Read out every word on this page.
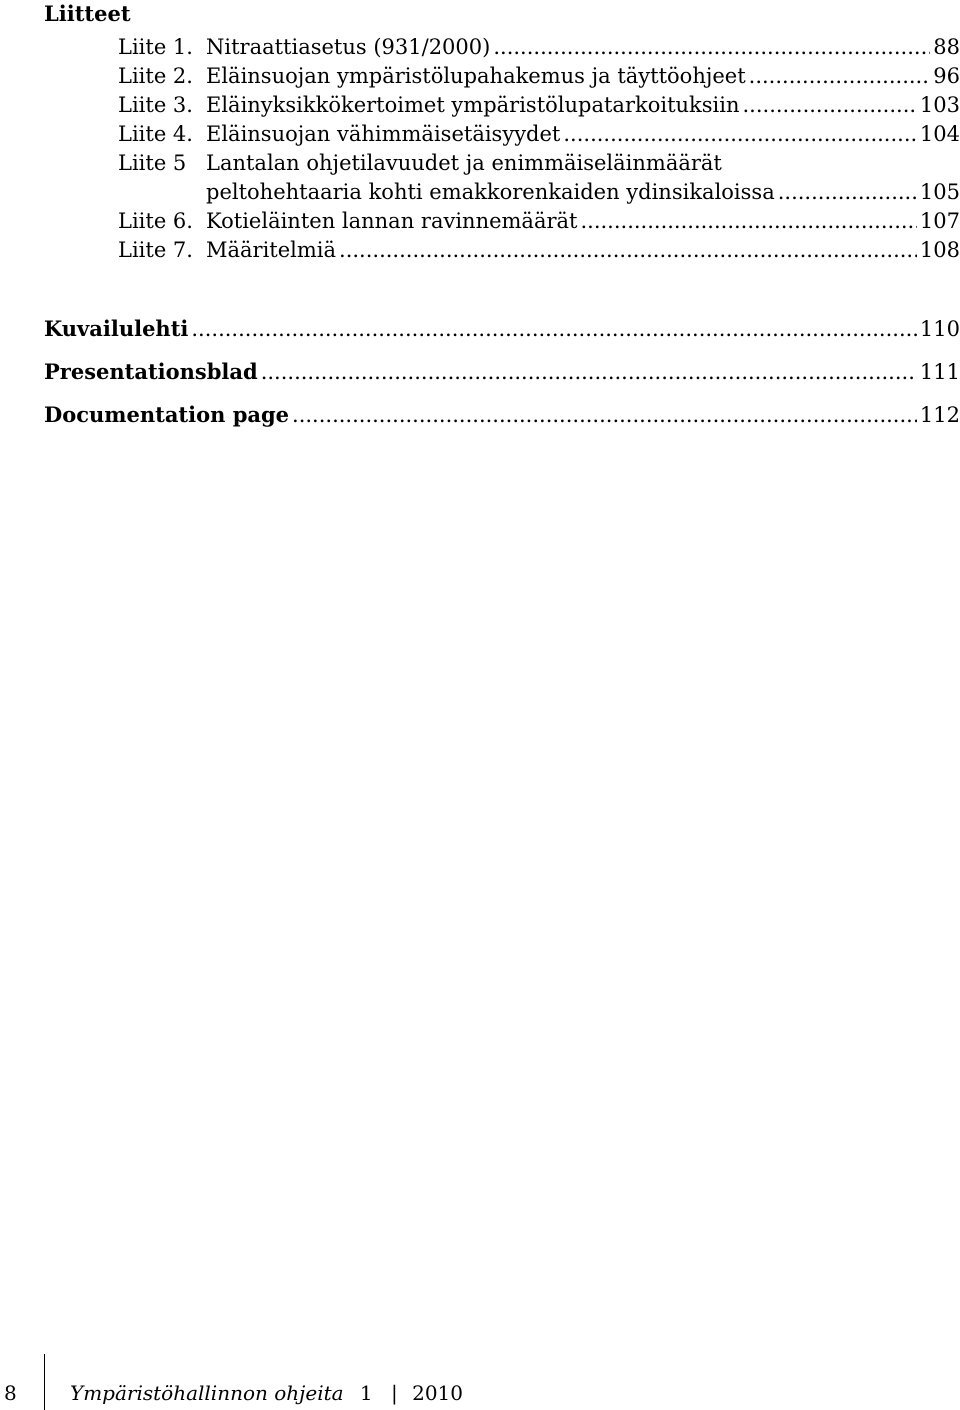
Liitteet
Liite 1. Nitraattiasetus (931/2000) .....	88
Liite 2. Eläinsuojan ympäristölupahakemus ja täyttöohjeet .....	96
Liite 3. Eläinyksikkökertoimet ympäristölupatarkoituksiin .....	103
Liite 4. Eläinsuojan vähimmäisetäisyydet .....	104
Liite 5 Lantalan ohjetilavuudet ja enimmäiseläinmäärät
peltohehtaaria kohti emakkorenkaiden ydinsikaloissa .....	105
Liite 6. Kotieläinten lannan ravinnemäärät .....	107
Liite 7. Määritelmiä .....	108
Kuvailulehti .....	110
Presentationsblad .....	111
Documentation page .....	112
8	Ympäristöhallinnon ohjeita 1 | 2010
